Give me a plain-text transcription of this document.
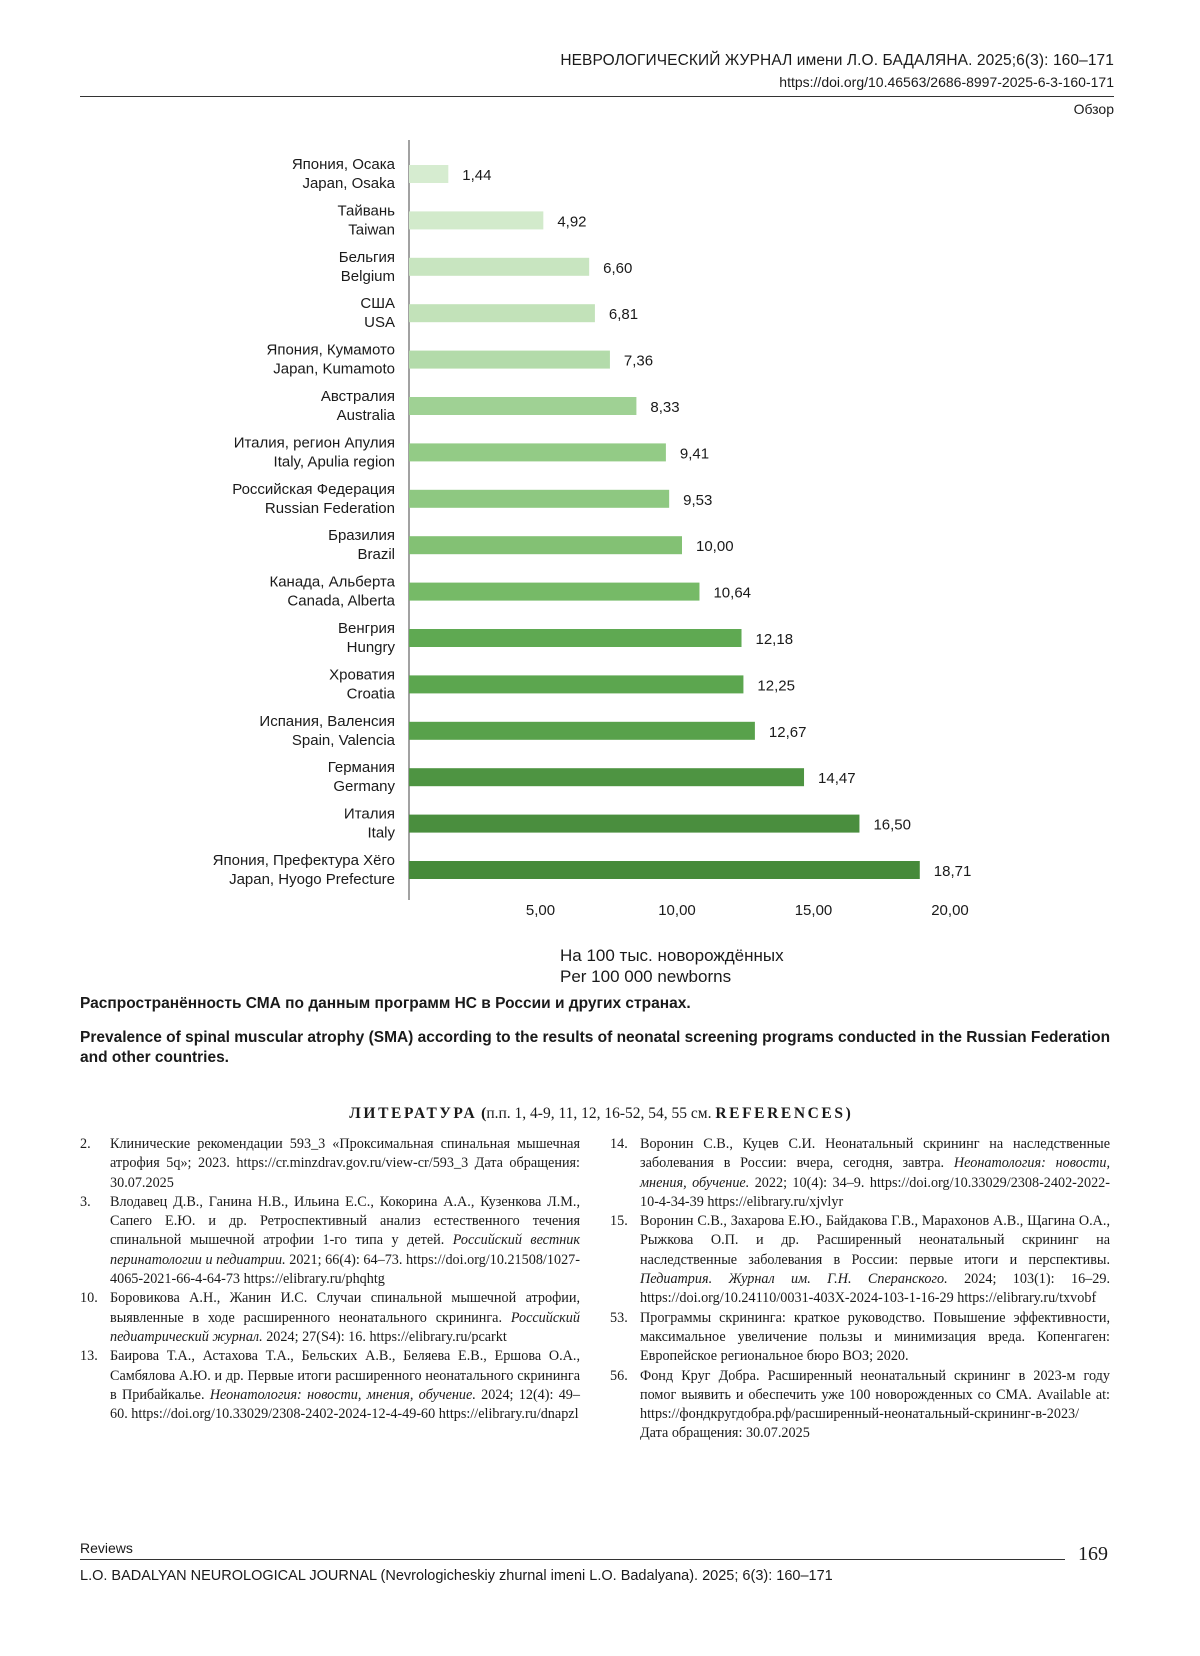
НЕВРОЛОГИЧЕСКИЙ ЖУРНАЛ имени Л.О. БАДАЛЯНА. 2025;6(3): 160–171
https://doi.org/10.46563/2686-8997-2025-6-3-160-171
Обзор
1,44
Япония, Осака
Japan, Osaka
4,92
Тайвань
Taiwan
6,60
Бельгия
Belgium
6,81
США
USA
7,36
Япония, Кумамото
Japan, Kumamoto
8,33
Австралия
Australia
9,41
Италия, регион Апулия
Italy, Apulia region
9,53
Российская Федерация
Russian Federation
10,00
Бразилия
Brazil
10,64
Канада, Альберта
Canada, Alberta
12,18
Венгрия
Hungry
12,25
Хроватия
Croatia
12,67
Испания, Валенсия
Spain, Valencia
14,47
Германия
Germany
16,50
Италия
Italy
18,71
Япония, Префектура Хёго
Japan, Hyogo Prefecture
5,00	10,00	15,00	20,00
На 100 тыс. новорождённых
Per 100 000 newborns
Распространённость СМА по данным программ НС в России и других странах.
Prevalence of spinal muscular atrophy (SMA) according to the results of neonatal screening programs conducted in the Russian Federation and other countries.
ЛИТЕРАТУРА (п.п. 1, 4-9, 11, 12, 16-52, 54, 55 см. REFERENCES)
2. Клинические рекомендации 593_3 «Проксимальная спинальная мышечная атрофия 5q»; 2023. https://cr.minzdrav.gov.ru/view-cr/593_3 Дата обращения: 30.07.2025
3. Влодавец Д.В., Ганина Н.В., Ильина Е.С., Кокорина А.А., Кузенкова Л.М., Сапего Е.Ю. и др. Ретроспективный анализ естественного течения спинальной мышечной атрофии 1-го типа у детей. Российский вестник перинатологии и педиатрии. 2021; 66(4): 64–73. https://doi.org/10.21508/1027-4065-2021-66-4-64-73 https://elibrary.ru/phqhtg
10. Боровикова А.Н., Жанин И.С. Случаи спинальной мышечной атрофии, выявленные в ходе расширенного неонатального скрининга. Российский педиатрический журнал. 2024; 27(S4): 16. https://elibrary.ru/pcarkt
13. Баирова Т.А., Астахова Т.А., Бельских А.В., Беляева Е.В., Ершова О.А., Самбялова А.Ю. и др. Первые итоги расширенного неонатального скрининга в Прибайкалье. Неонатология: новости, мнения, обучение. 2024; 12(4): 49–60. https://doi.org/10.33029/2308-2402-2024-12-4-49-60 https://elibrary.ru/dnapzl
14. Воронин С.В., Куцев С.И. Неонатальный скрининг на наследственные заболевания в России: вчера, сегодня, завтра. Неонатология: новости, мнения, обучение. 2022; 10(4): 34–9. https://doi.org/10.33029/2308-2402-2022-10-4-34-39 https://elibrary.ru/xjvlyr
15. Воронин С.В., Захарова Е.Ю., Байдакова Г.В., Марахонов А.В., Щагина О.А., Рыжкова О.П. и др. Расширенный неонатальный скрининг на наследственные заболевания в России: первые итоги и перспективы. Педиатрия. Журнал им. Г.Н. Сперанского. 2024; 103(1): 16–29. https://doi.org/10.24110/0031-403X-2024-103-1-16-29 https://elibrary.ru/txvobf
53. Программы скрининга: краткое руководство. Повышение эффективности, максимальное увеличение пользы и минимизация вреда. Копенгаген: Европейское региональное бюро ВОЗ; 2020.
56. Фонд Круг Добра. Расширенный неонатальный скрининг в 2023-м году помог выявить и обеспечить уже 100 новорожденных со СМА. Available at: https://фондкругдобра.рф/расширенный-неонатальный-скрининг-в-2023/ Дата обращения: 30.07.2025
Reviews	169
L.O. BADALYAN NEUROLOGICAL JOURNAL (Nevrologicheskiy zhurnal imeni L.O. Badalyana). 2025; 6(3): 160–171
